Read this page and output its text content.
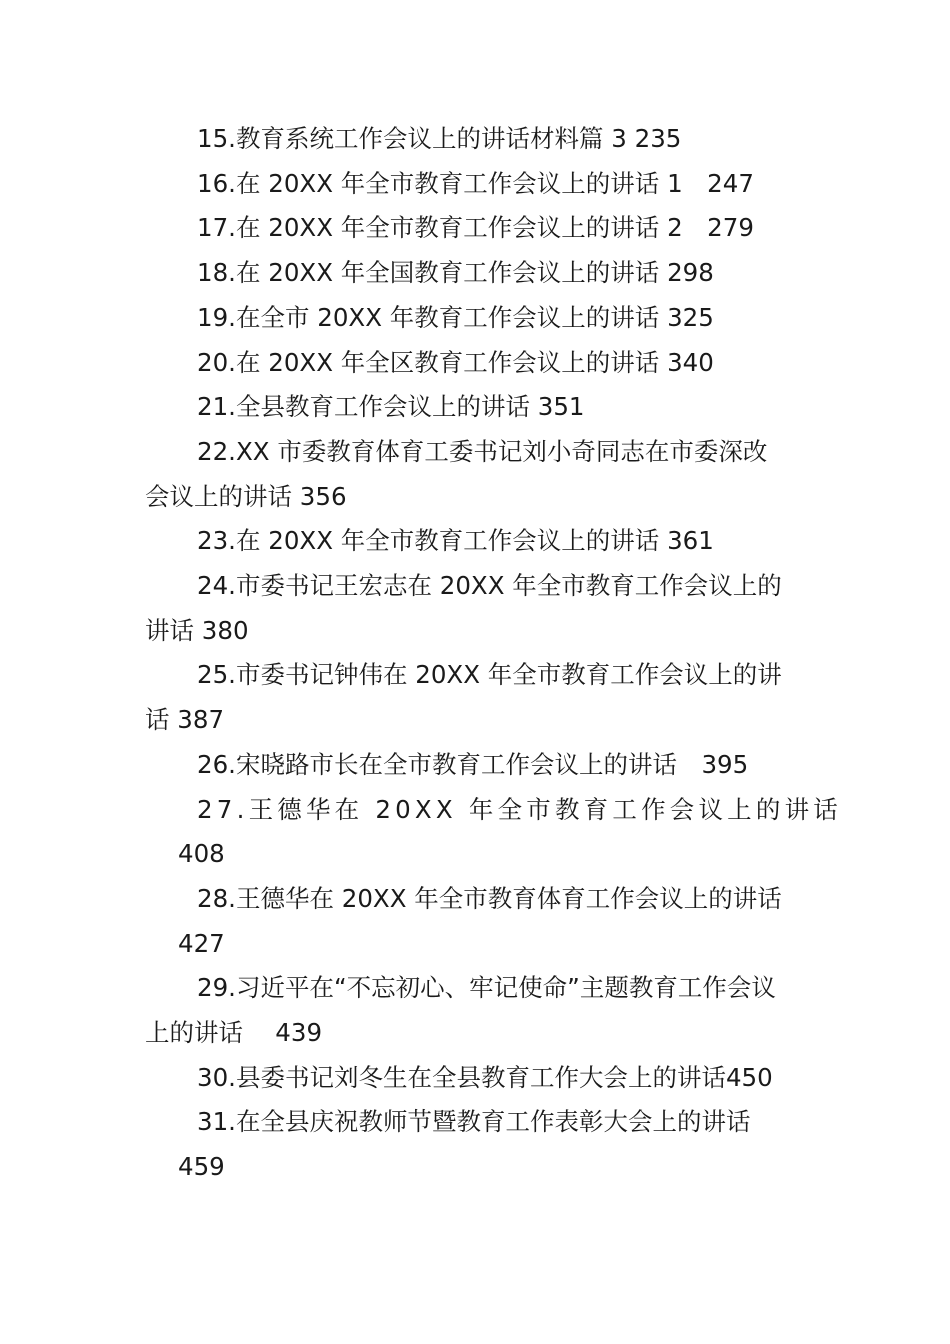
15.教育系统工作会议上的讲话材料篇 3 235
16.在 20XX 年全市教育工作会议上的讲话 1　247
17.在 20XX 年全市教育工作会议上的讲话 2　279
18.在 20XX 年全国教育工作会议上的讲话 298
19.在全市 20XX 年教育工作会议上的讲话 325
20.在 20XX 年全区教育工作会议上的讲话 340
21.全县教育工作会议上的讲话 351
22.XX 市委教育体育工委书记刘小奇同志在市委深改
会议上的讲话 356
23.在 20XX 年全市教育工作会议上的讲话 361
24.市委书记王宏志在 20XX 年全市教育工作会议上的
讲话 380
25.市委书记钟伟在 20XX 年全市教育工作会议上的讲
话 387
26.宋晓路市长在全市教育工作会议上的讲话　395
27.王德华在 20XX 年全市教育工作会议上的讲话
408
28.王德华在 20XX 年全市教育体育工作会议上的讲话
427
29.习近平在“不忘初心、牢记使命”主题教育工作会议
上的讲话　 439
30.县委书记刘冬生在全县教育工作大会上的讲话450
31.在全县庆祝教师节暨教育工作表彰大会上的讲话
459
